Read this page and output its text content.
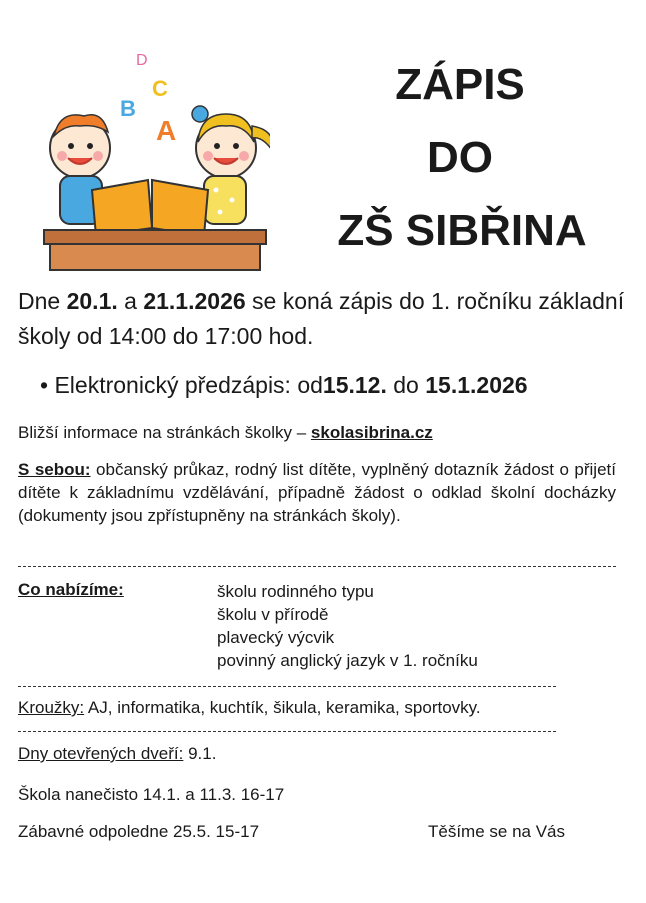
D
B
C
A
ZÁPIS
DO
ZŠ SIBŘINA
Dne 20.1. a 21.1.2026 se koná zápis do 1. ročníku základní školy od 14:00 do 17:00 hod.
• Elektronický předzápis: od15.12. do 15.1.2026
Bližší informace na stránkách školky – skolasibrina.cz
S sebou: občanský průkaz, rodný list dítěte, vyplněný dotazník žádost o přijetí dítěte k základnímu vzdělávání, případně žádost o odklad školní docházky (dokumenty jsou zpřístupněny na stránkách školy).
Co nabízíme:	školu rodinného typu
školu v přírodě
plavecký výcvik
povinný anglický jazyk v 1. ročníku
Kroužky: AJ, informatika, kuchtík, šikula, keramika, sportovky.
Dny otevřených dveří: 9.1.
Škola nanečisto 14.1. a 11.3. 16-17
Zábavné odpoledne 25.5. 15-17	Těšíme se na Vás
